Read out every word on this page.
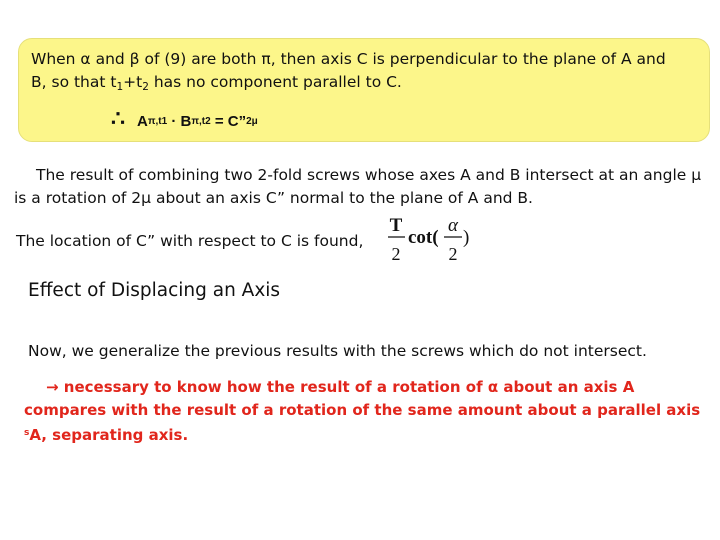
When α and β of (9) are both π, then axis C is perpendicular to the plane of A and
B, so that $t_1+t_2$ has no component parallel to C.

∴ A π,t1 · B π,t2 = C” 2μ

The result of combining two 2-fold screws whose axes A and B intersect at an angle μ is a rotation of 2μ about an axis C” normal to the plane of A and B.

The location of C” with respect to C is found,

T
2
cot(
α
2
)
Effect of Displacing an Axis

Now, we generalize the previous results with the screws which do not intersect.

→ necessary to know how the result of a rotation of α about an axis A compares with the result of a rotation of the same amount about a parallel axis $^s$A, separating axis.
